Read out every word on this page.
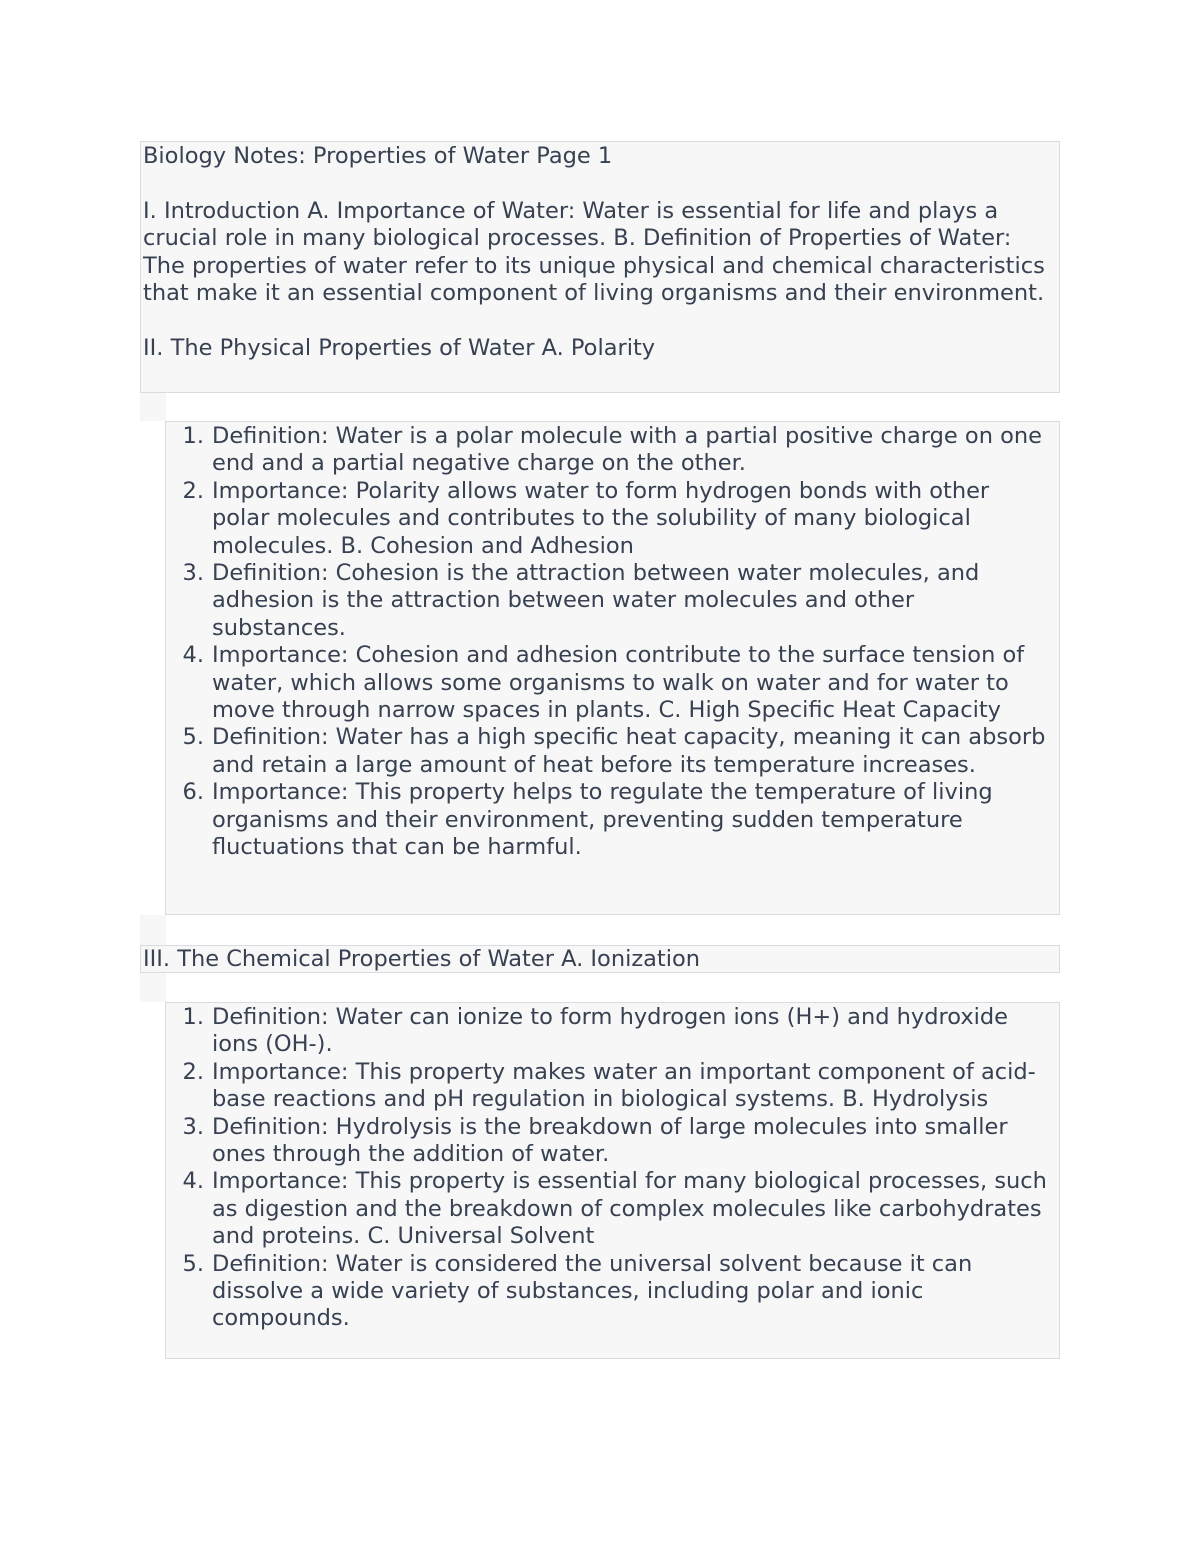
Biology Notes: Properties of Water Page 1

I. Introduction A. Importance of Water: Water is essential for life and plays a crucial role in many biological processes. B. Definition of Properties of Water: The properties of water refer to its unique physical and chemical characteristics that make it an essential component of living organisms and their environment.

II. The Physical Properties of Water A. Polarity

1. Definition: Water is a polar molecule with a partial positive charge on one end and a partial negative charge on the other.
2. Importance: Polarity allows water to form hydrogen bonds with other polar molecules and contributes to the solubility of many biological molecules. B. Cohesion and Adhesion
3. Definition: Cohesion is the attraction between water molecules, and adhesion is the attraction between water molecules and other substances.
4. Importance: Cohesion and adhesion contribute to the surface tension of water, which allows some organisms to walk on water and for water to move through narrow spaces in plants. C. High Specific Heat Capacity
5. Definition: Water has a high specific heat capacity, meaning it can absorb and retain a large amount of heat before its temperature increases.
6. Importance: This property helps to regulate the temperature of living organisms and their environment, preventing sudden temperature fluctuations that can be harmful.

III. The Chemical Properties of Water A. Ionization

1. Definition: Water can ionize to form hydrogen ions (H+) and hydroxide ions (OH-).
2. Importance: This property makes water an important component of acid-base reactions and pH regulation in biological systems. B. Hydrolysis
3. Definition: Hydrolysis is the breakdown of large molecules into smaller ones through the addition of water.
4. Importance: This property is essential for many biological processes, such as digestion and the breakdown of complex molecules like carbohydrates and proteins. C. Universal Solvent
5. Definition: Water is considered the universal solvent because it can dissolve a wide variety of substances, including polar and ionic compounds.
